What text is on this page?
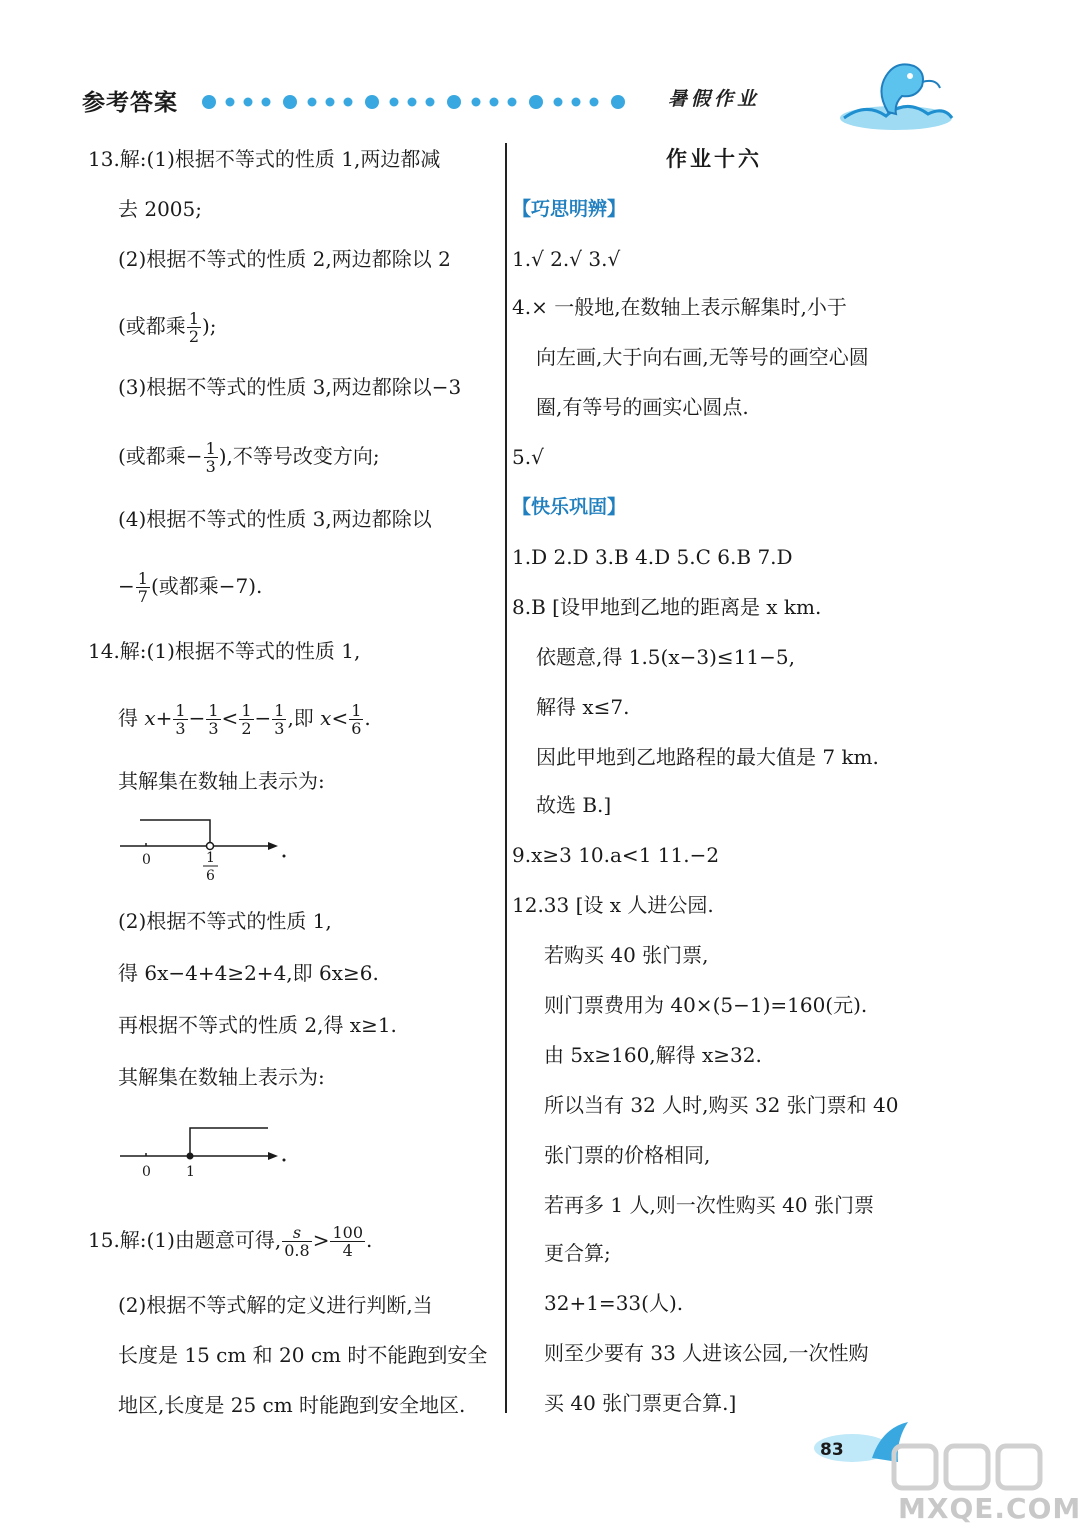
参考答案	暑假作业
13.解:(1)根据不等式的性质 1,两边都减
去 2005;
(2)根据不等式的性质 2,两边都除以 2
(或都乘 $\frac{1}{2}$ );
(3)根据不等式的性质 3,两边都除以−3
(或都乘− $\frac{1}{3}$ ),不等号改变方向;
(4)根据不等式的性质 3,两边都除以
− $\frac{1}{7}$ (或都乘−7).
14.解:(1)根据不等式的性质 1,
得 $x+ \frac{1}{3} - \frac{1}{3} < \frac{1}{2} - \frac{1}{3}$ ,即 $x< \frac{1}{6}$ .
其解集在数轴上表示为:
0	1
6
(2)根据不等式的性质 1,
得 6x−4+4≥2+4,即 6x≥6.
再根据不等式的性质 2,得 x≥1.
其解集在数轴上表示为:
0	1
15.解:(1)由题意可得, $\frac{s}{0.8} > \frac{100}{4}$ .
(2)根据不等式解的定义进行判断,当
长度是 15 cm 和 20 cm 时不能跑到安全
地区,长度是 25 cm 时能跑到安全地区.
作业十六
【巧思明辨】
1.√ 2.√ 3.√
4.× 一般地,在数轴上表示解集时,小于
向左画,大于向右画,无等号的画空心圆
圈,有等号的画实心圆点.
5.√
【快乐巩固】
1.D 2.D 3.B 4.D 5.C 6.B 7.D
8.B [设甲地到乙地的距离是 x km.
依题意,得 1.5(x−3)≤11−5,
解得 x≤7.
因此甲地到乙地路程的最大值是 7 km.
故选 B.]
9.x≥3 10.a<1 11.−2
12.33 [设 x 人进公园.
若购买 40 张门票,
则门票费用为 40×(5−1)=160(元).
由 5x≥160,解得 x≥32.
所以当有 32 人时,购买 32 张门票和 40
张门票的价格相同,
若再多 1 人,则一次性购买 40 张门票
更合算;
32+1=33(人).
则至少要有 33 人进该公园,一次性购
买 40 张门票更合算.]
83
MXQE.COM
